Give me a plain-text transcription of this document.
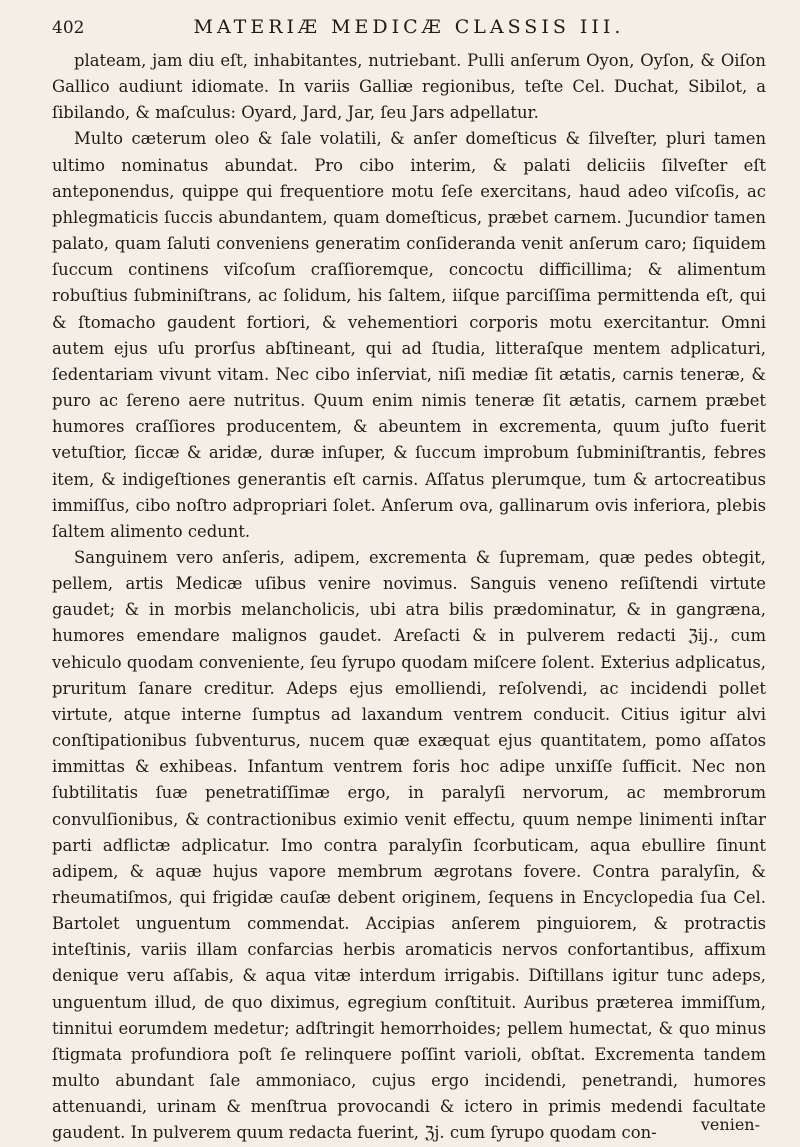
402	MATERIÆ MEDICÆ CLASSIS III.

plateam, jam diu eſt, inhabitantes, nutriebant. Pulli anſerum Oyon, Oyſon, & Oiſon Gallico audiunt idiomate. In variis Galliæ regionibus, teſte Cel. Duchat, Sibilot, a ſibilando, & maſculus: Oyard, Jard, Jar, ſeu Jars adpellatur.

Multo cæterum oleo & ſale volatili, & anſer domeſticus & ſilveſter, pluri tamen ultimo nominatus abundat. Pro cibo interim, & palati deliciis ſilveſter eſt anteponendus, quippe qui frequentiore motu ſeſe exercitans, haud adeo viſcoſis, ac phlegmaticis ſuccis abundantem, quam domeſticus, præbet carnem. Jucundior tamen palato, quam ſaluti conveniens generatim conſideranda venit anſerum caro; ſiquidem ſuccum continens viſcoſum craſſioremque, concoctu difficillima; & alimentum robuſtius ſubminiſtrans, ac ſolidum, his ſaltem, iiſque parciſſima permittenda eſt, qui & ſtomacho gaudent fortiori, & vehementiori corporis motu exercitantur. Omni autem ejus uſu prorſus abſtineant, qui ad ſtudia, litteraſque mentem adplicaturi, ſedentariam vivunt vitam. Nec cibo inſerviat, niſi mediæ ſit ætatis, carnis teneræ, & puro ac ſereno aere nutritus. Quum enim nimis teneræ ſit ætatis, carnem præbet humores craſſiores producentem, & abeuntem in excrementa, quum juſto fuerit vetuſtior, ſiccæ & aridæ, duræ inſuper, & ſuccum improbum ſubminiſtrantis, febres item, & indigeſtiones generantis eſt carnis. Aſſatus plerumque, tum & artocreatibus immiſſus, cibo noſtro adpropriari ſolet. Anſerum ova, gallinarum ovis inferiora, plebis ſaltem alimento cedunt.

Sanguinem vero anſeris, adipem, excrementa & ſupremam, quæ pedes obtegit, pellem, artis Medicæ uſibus venire novimus. Sanguis veneno reſiſtendi virtute gaudet; & in morbis melancholicis, ubi atra bilis prædominatur, & in gangræna, humores emendare malignos gaudet. Areſacti & in pulverem redacti ℨij., cum vehiculo quodam conveniente, ſeu ſyrupo quodam miſcere ſolent. Exterius adplicatus, pruritum ſanare creditur. Adeps ejus emolliendi, reſolvendi, ac incidendi pollet virtute, atque interne ſumptus ad laxandum ventrem conducit. Citius igitur alvi conſtipationibus ſubventurus, nucem quæ exæquat ejus quantitatem, pomo aſſatos immittas & exhibeas. Infantum ventrem foris hoc adipe unxiſſe ſufficit. Nec non ſubtilitatis ſuæ penetratiſſimæ ergo, in paralyſi nervorum, ac membrorum convulſionibus, & contractionibus eximio venit effectu, quum nempe linimenti inſtar parti adflictæ adplicatur. Imo contra paralyſin ſcorbuticam, aqua ebullire ſinunt adipem, & aquæ hujus vapore membrum ægrotans fovere. Contra paralyſin, & rheumatiſmos, qui frigidæ cauſæ debent originem, ſequens in Encyclopedia ſua Cel. Bartolet unguentum commendat. Accipias anſerem pinguiorem, & protractis inteſtinis, variis illam confarcias herbis aromaticis nervos confortantibus, affixum denique veru aſſabis, & aqua vitæ interdum irrigabis. Diſtillans igitur tunc adeps, unguentum illud, de quo diximus, egregium conſtituit. Auribus præterea immiſſum, tinnitui eorumdem medetur; adſtringit hemorrhoides; pellem humectat, & quo minus ſtigmata profundiora poſt ſe relinquere poſſint varioli, obſtat. Excrementa tandem multo abundant ſale ammoniaco, cujus ergo incidendi, penetrandi, humores attenuandi, urinam & menſtrua provocandi & ictero in primis medendi facultate gaudent. In pulverem quum redacta fuerint, ℨj. cum ſyrupo quodam con-	venien-
